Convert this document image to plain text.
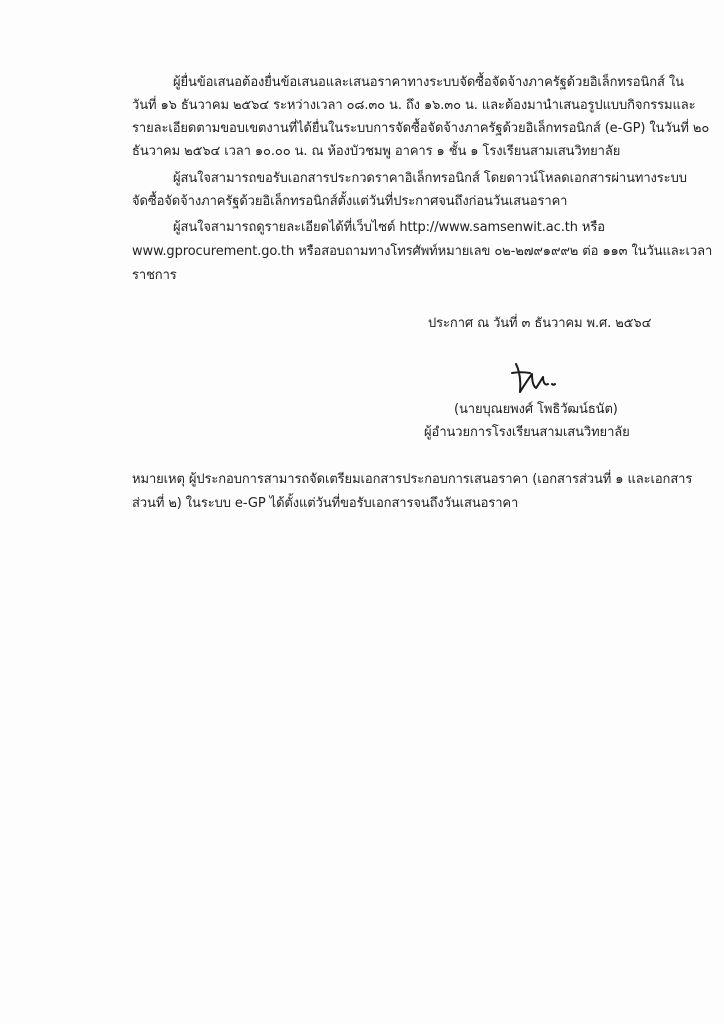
ผู้ยื่นข้อเสนอต้องยื่นข้อเสนอและเสนอราคาทางระบบจัดซื้อจัดจ้างภาครัฐด้วยอิเล็กทรอนิกส์ ใน
วันที่ ๑๖ ธันวาคม ๒๕๖๔ ระหว่างเวลา ๐๘.๓๐ น. ถึง ๑๖.๓๐ น. และต้องมานำเสนอรูปแบบกิจกรรมและ
รายละเอียดตามขอบเขตงานที่ได้ยื่นในระบบการจัดซื้อจัดจ้างภาครัฐด้วยอิเล็กทรอนิกส์ (e-GP) ในวันที่ ๒๐
ธันวาคม ๒๕๖๔ เวลา ๑๐.๐๐ น. ณ ห้องบัวชมพู อาคาร ๑ ชั้น ๑ โรงเรียนสามเสนวิทยาลัย
ผู้สนใจสามารถขอรับเอกสารประกวดราคาอิเล็กทรอนิกส์ โดยดาวน์โหลดเอกสารผ่านทางระบบ
จัดซื้อจัดจ้างภาครัฐด้วยอิเล็กทรอนิกส์ตั้งแต่วันที่ประกาศจนถึงก่อนวันเสนอราคา
ผู้สนใจสามารถดูรายละเอียดได้ที่เว็บไซต์ http://www.samsenwit.ac.th หรือ
www.gprocurement.go.th หรือสอบถามทางโทรศัพท์หมายเลข ๐๒-๒๗๙๑๙๙๒ ต่อ ๑๑๓ ในวันและเวลา
ราชการ
ประกาศ ณ วันที่ ๓ ธันวาคม พ.ศ. ๒๕๖๔
(นายบุณยพงศ์ โพธิวัฒน์ธนัต)
ผู้อำนวยการโรงเรียนสามเสนวิทยาลัย
หมายเหตุ ผู้ประกอบการสามารถจัดเตรียมเอกสารประกอบการเสนอราคา (เอกสารส่วนที่ ๑ และเอกสาร
ส่วนที่ ๒) ในระบบ e-GP ได้ตั้งแต่วันที่ขอรับเอกสารจนถึงวันเสนอราคา
